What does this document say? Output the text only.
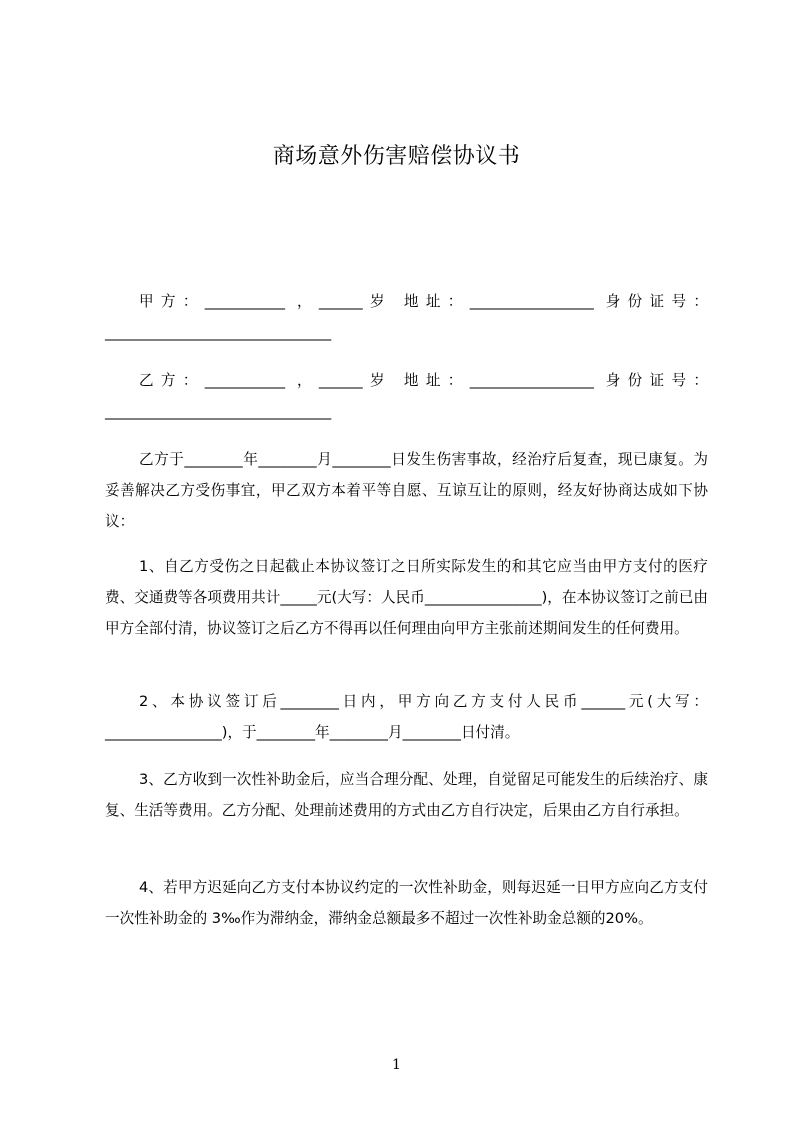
商场意外伤害赔偿协议书

甲方：___________ ，______岁 地址：_________________ 身份证号：_______________________________

乙方：___________ ，______岁 地址：_________________ 身份证号：_______________________________

乙方于________年________月________日发生伤害事故，经治疗后复查，现已康复。为妥善解决乙方受伤事宜，甲乙双方本着平等自愿、互谅互让的原则，经友好协商达成如下协议：

1、自乙方受伤之日起截止本协议签订之日所实际发生的和其它应当由甲方支付的医疗费、交通费等各项费用共计_____元(大写：人民币________________)，在本协议签订之前已由甲方全部付清，协议签订之后乙方不得再以任何理由向甲方主张前述期间发生的任何费用。

2、本协议签订后________日内，甲方向乙方支付人民币______元(大写：________________)，于________年________月________日付清。

3、乙方收到一次性补助金后，应当合理分配、处理，自觉留足可能发生的后续治疗、康复、生活等费用。乙方分配、处理前述费用的方式由乙方自行决定，后果由乙方自行承担。

4、若甲方迟延向乙方支付本协议约定的一次性补助金，则每迟延一日甲方应向乙方支付一次性补助金的 3‰作为滞纳金，滞纳金总额最多不超过一次性补助金总额的20%。

1
